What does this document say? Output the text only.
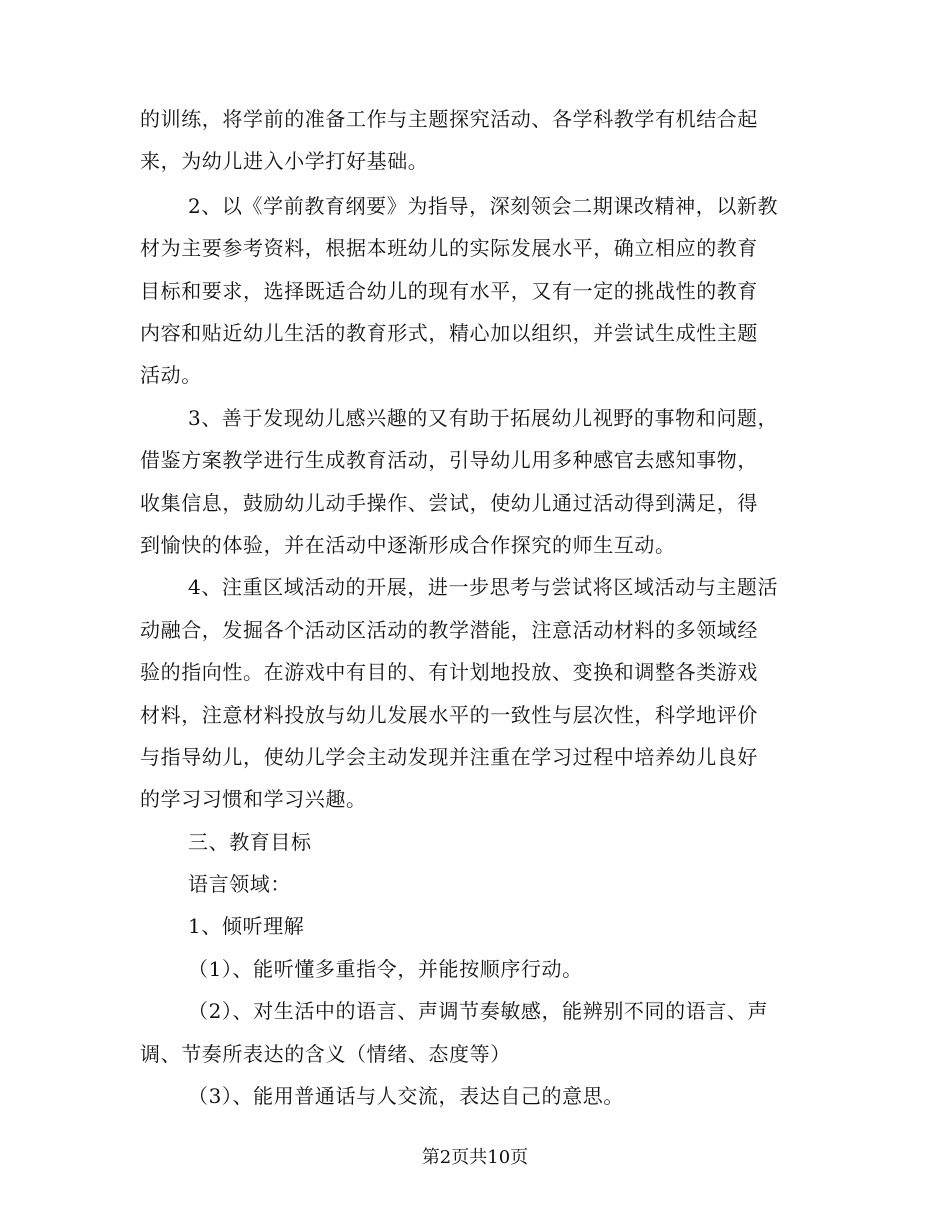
的训练，将学前的准备工作与主题探究活动、各学科教学有机结合起
来，为幼儿进入小学打好基础。
2、以《学前教育纲要》为指导，深刻领会二期课改精神，以新教
材为主要参考资料，根据本班幼儿的实际发展水平，确立相应的教育
目标和要求，选择既适合幼儿的现有水平，又有一定的挑战性的教育
内容和贴近幼儿生活的教育形式，精心加以组织，并尝试生成性主题
活动。
3、善于发现幼儿感兴趣的又有助于拓展幼儿视野的事物和问题，
借鉴方案教学进行生成教育活动，引导幼儿用多种感官去感知事物，
收集信息，鼓励幼儿动手操作、尝试，使幼儿通过活动得到满足，得
到愉快的体验，并在活动中逐渐形成合作探究的师生互动。
4、注重区域活动的开展，进一步思考与尝试将区域活动与主题活
动融合，发掘各个活动区活动的教学潜能，注意活动材料的多领域经
验的指向性。在游戏中有目的、有计划地投放、变换和调整各类游戏
材料，注意材料投放与幼儿发展水平的一致性与层次性，科学地评价
与指导幼儿，使幼儿学会主动发现并注重在学习过程中培养幼儿良好
的学习习惯和学习兴趣。
三、教育目标
语言领域：
1、倾听理解
（1）、能听懂多重指令，并能按顺序行动。
（2）、对生活中的语言、声调节奏敏感，能辨别不同的语言、声
调、节奏所表达的含义（情绪、态度等）
（3）、能用普通话与人交流，表达自己的意思。
第2页共10页
